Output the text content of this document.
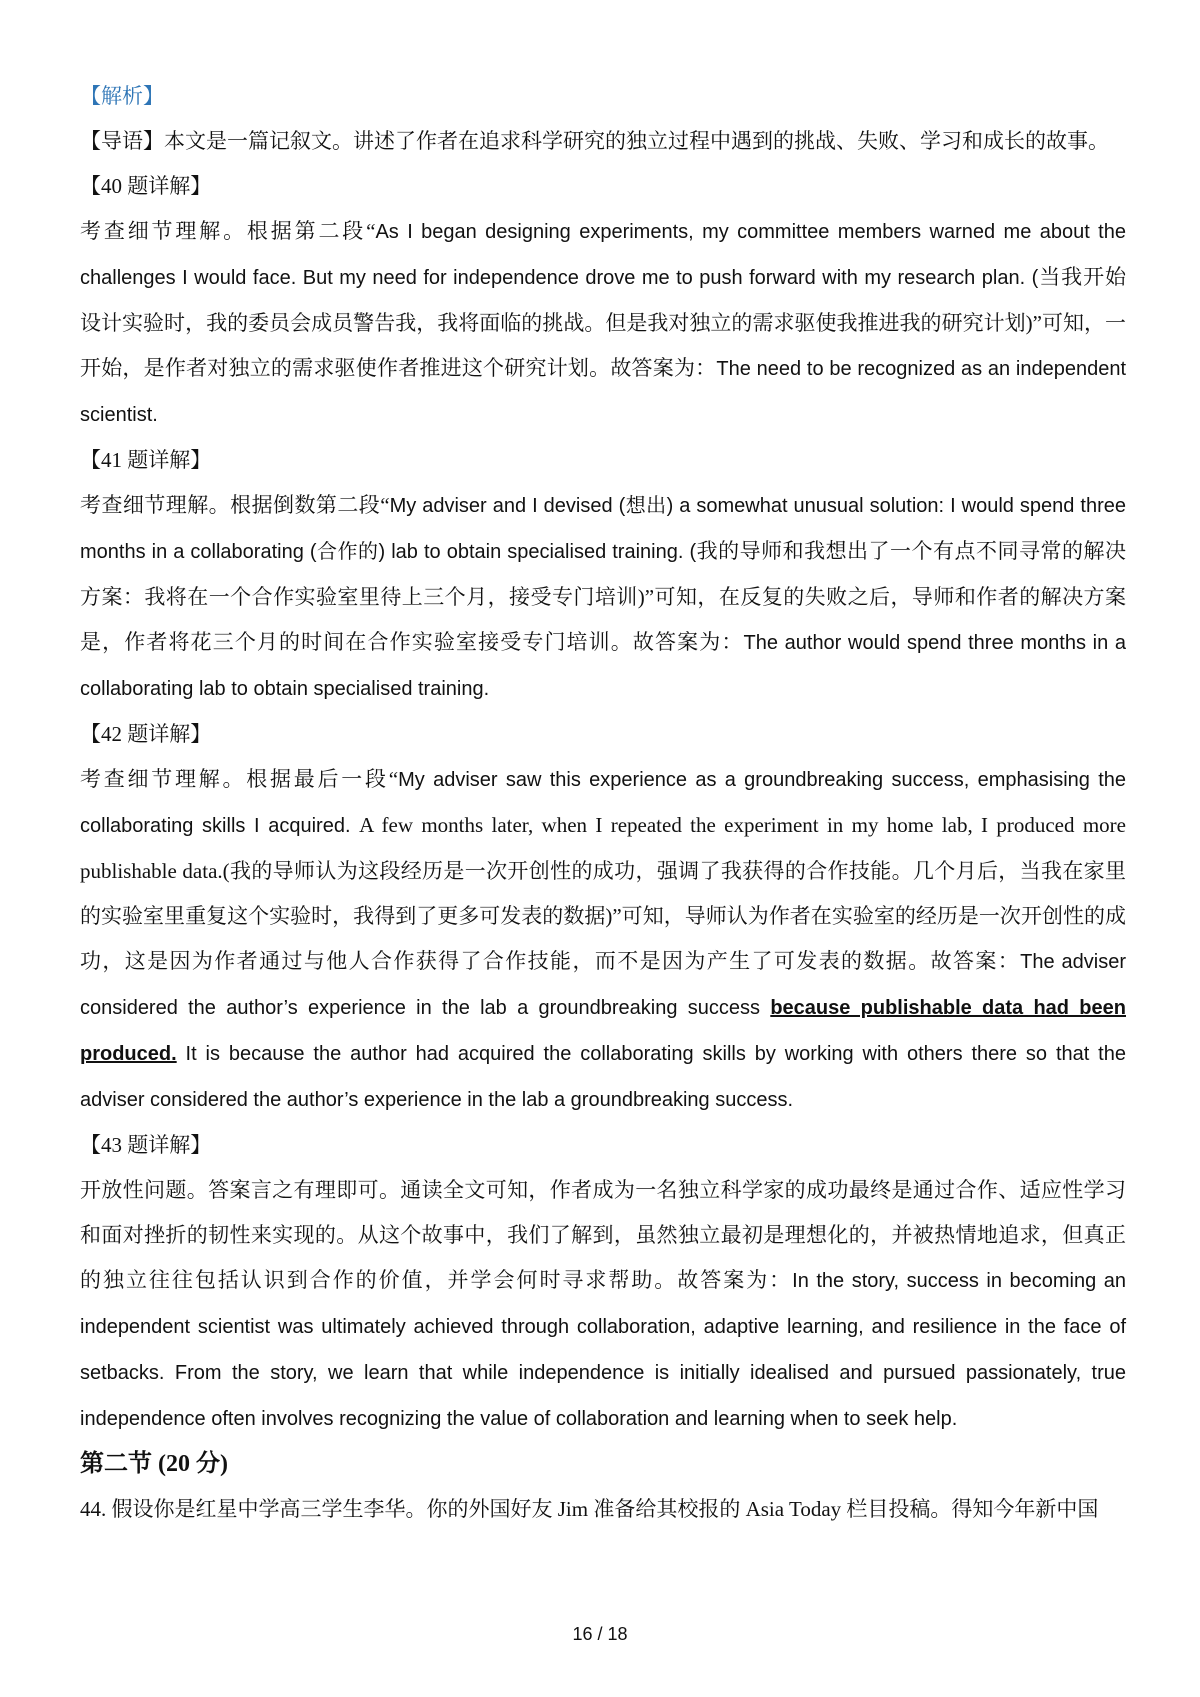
【解析】
【导语】本文是一篇记叙文。讲述了作者在追求科学研究的独立过程中遇到的挑战、失败、学习和成长的故事。
【40 题详解】
考查细节理解。根据第二段“As I began designing experiments, my committee members warned me about the challenges I would face. But my need for independence drove me to push forward with my research plan. (当我开始设计实验时，我的委员会成员警告我，我将面临的挑战。但是我对独立的需求驱使我推进我的研究计划)”可知，一开始，是作者对独立的需求驱使作者推进这个研究计划。故答案为：The need to be recognized as an independent scientist.
【41 题详解】
考查细节理解。根据倒数第二段“My adviser and I devised (想出) a somewhat unusual solution: I would spend three months in a collaborating (合作的) lab to obtain specialised training. (我的导师和我想出了一个有点不同寻常的解决方案：我将在一个合作实验室里待上三个月，接受专门培训)”可知，在反复的失败之后，导师和作者的解决方案是，作者将花三个月的时间在合作实验室接受专门培训。故答案为：The author would spend three months in a collaborating lab to obtain specialised training.
【42 题详解】
考查细节理解。根据最后一段“My adviser saw this experience as a groundbreaking success, emphasising the collaborating skills I acquired. A few months later, when I repeated the experiment in my home lab, I produced more publishable data.(我的导师认为这段经历是一次开创性的成功，强调了我获得的合作技能。几个月后，当我在家里的实验室里重复这个实验时，我得到了更多可发表的数据)”可知，导师认为作者在实验室的经历是一次开创性的成功，这是因为作者通过与他人合作获得了合作技能，而不是因为产生了可发表的数据。故答案：The adviser considered the author’s experience in the lab a groundbreaking success because publishable data had been produced. It is because the author had acquired the collaborating skills by working with others there so that the adviser considered the author’s experience in the lab a groundbreaking success.
【43 题详解】
开放性问题。答案言之有理即可。通读全文可知，作者成为一名独立科学家的成功最终是通过合作、适应性学习和面对挫折的韧性来实现的。从这个故事中，我们了解到，虽然独立最初是理想化的，并被热情地追求，但真正的独立往往包括认识到合作的价值，并学会何时寻求帮助。故答案为：In the story, success in becoming an independent scientist was ultimately achieved through collaboration, adaptive learning, and resilience in the face of setbacks. From the story, we learn that while independence is initially idealised and pursued passionately, true independence often involves recognizing the value of collaboration and learning when to seek help.
第二节 (20 分)
44. 假设你是红星中学高三学生李华。你的外国好友 Jim 准备给其校报的 Asia Today 栏目投稿。得知今年新中国
16 / 18
